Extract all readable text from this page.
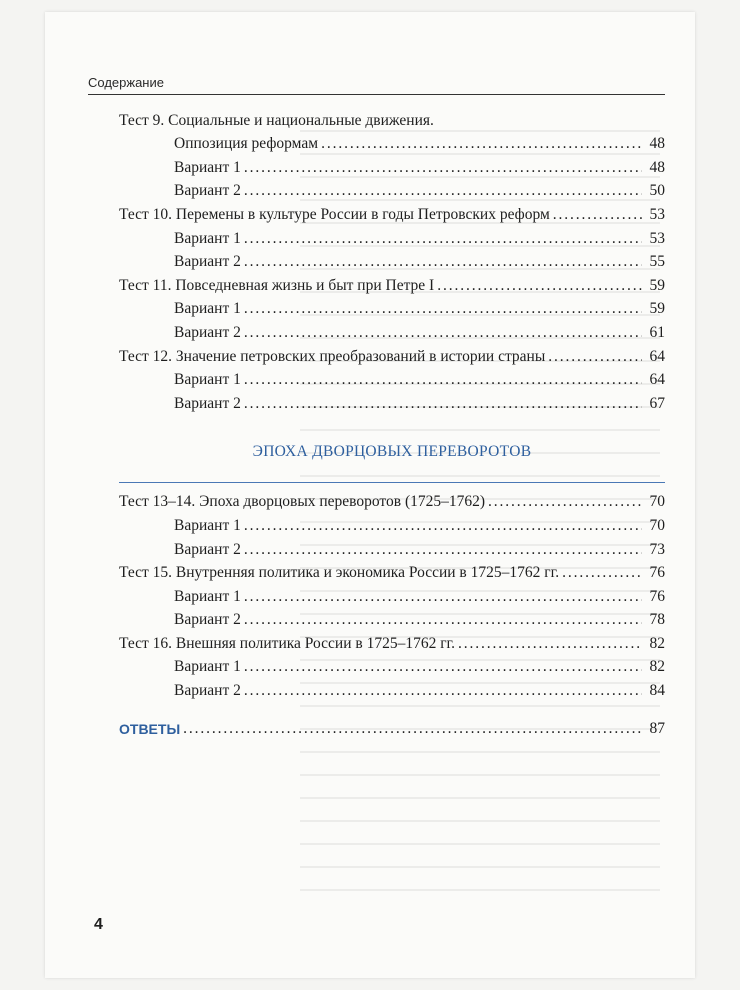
Содержание
Тест 9. Социальные и национальные движения.
Оппозиция реформам . . .	48
Вариант 1 . . .	48
Вариант 2 . . .	50
Тест 10. Перемены в культуре России в годы Петровских реформ . . .	53
Вариант 1 . . .	53
Вариант 2 . . .	55
Тест 11. Повседневная жизнь и быт при Петре I . . .	59
Вариант 1 . . .	59
Вариант 2 . . .	61
Тест 12. Значение петровских преобразований в истории страны . . .	64
Вариант 1 . . .	64
Вариант 2 . . .	67
ЭПОХА ДВОРЦОВЫХ ПЕРЕВОРОТОВ
Тест 13–14. Эпоха дворцовых переворотов (1725–1762) . . .	70
Вариант 1 . . .	70
Вариант 2 . . .	73
Тест 15. Внутренняя политика и экономика России в 1725–1762 гг. . . .	76
Вариант 1 . . .	76
Вариант 2 . . .	78
Тест 16. Внешняя политика России в 1725–1762 гг. . . .	82
Вариант 1 . . .	82
Вариант 2 . . .	84
ОТВЕТЫ . . .	87
4
